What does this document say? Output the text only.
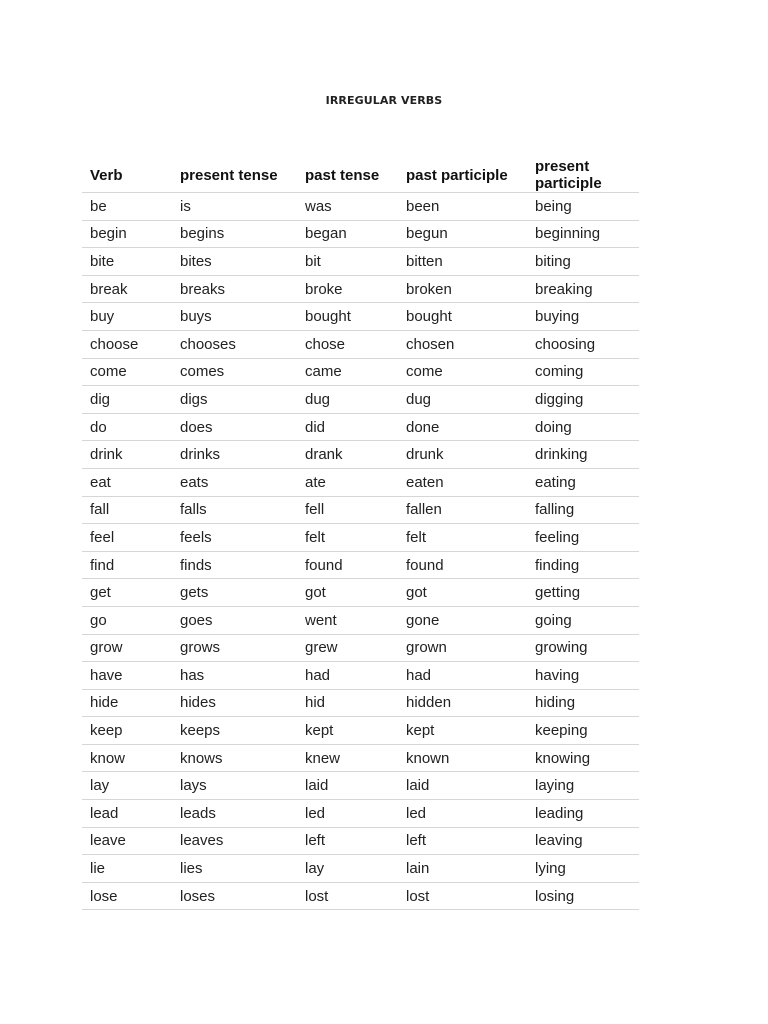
IRREGULAR VERBS
Verb	present tense	past tense	past participle	present participle
be	is	was	been	being
begin	begins	began	begun	beginning
bite	bites	bit	bitten	biting
break	breaks	broke	broken	breaking
buy	buys	bought	bought	buying
choose	chooses	chose	chosen	choosing
come	comes	came	come	coming
dig	digs	dug	dug	digging
do	does	did	done	doing
drink	drinks	drank	drunk	drinking
eat	eats	ate	eaten	eating
fall	falls	fell	fallen	falling
feel	feels	felt	felt	feeling
find	finds	found	found	finding
get	gets	got	got	getting
go	goes	went	gone	going
grow	grows	grew	grown	growing
have	has	had	had	having
hide	hides	hid	hidden	hiding
keep	keeps	kept	kept	keeping
know	knows	knew	known	knowing
lay	lays	laid	laid	laying
lead	leads	led	led	leading
leave	leaves	left	left	leaving
lie	lies	lay	lain	lying
lose	loses	lost	lost	losing
